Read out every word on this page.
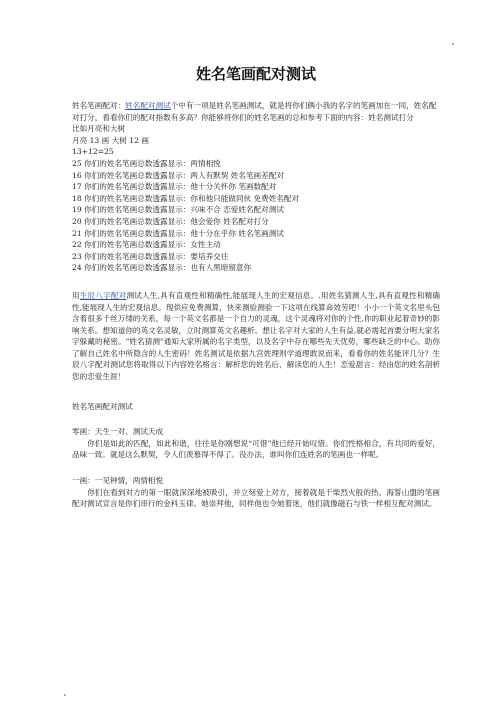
姓名笔画配对测试
姓名笔画配对：姓名配对测试个中有一项是姓名笔画测试，就是将你们俩小我的名字的笔画加在一同，姓名配对打分，看看你们的配对指数有多高？你能够将你们的姓名笔画的总和参考下面的内容：姓名测试打分
比如月亮和大树
月亮 13 画 大树 12 画
13+12=25
25 你们的姓名笔画总数透露显示：两情相悦
16 你们的姓名笔画总数透露显示：两人有默契 姓名笔画差配对
17 你们的姓名笔画总数透露显示：他十分关怀你 笔画数配对
18 你们的姓名笔画总数透露显示：你和他只能做同伙 免费姓名配对
19 你们的姓名笔画总数透露显示：兴味不合 恋爱姓名配对测试
20 你们的姓名笔画总数透露显示：他会爱你 姓名配对打分
21 你们的姓名笔画总数透露显示：他十分在乎你 姓名笔画测试
22 你们的姓名笔画总数透露显示：女性主动
23 你们的姓名笔画总数透露显示：要培养交往
24 你们的姓名笔画总数透露显示：也有人黑暗留意你
用生辰八字配对测试人生,具有直观性和精确性,能展现人生的宏观信息。.用姓名猜测人生,具有直观性和精确性,能展现人生的宏观信息。现供应免费测算，快来测验测验一下这项在线算命效劳吧！小小一个英文名里头包含着很多千丝万缕的关系，每一个英文名都是一个自力的灵魂，这个灵魂将对你的个性,你的职业起着奇妙的影响关系。想知道你的英文名灵敏，立时测算英文名趣析。想让名字对大家的人生有益,就必需起首要分明大家名字躲藏的秘密。"姓名猜测"通知大家所属的名字类型，以及名字中存在哪些先天优势，哪些缺乏的中心。助你了解自己姓名中所隐含的人生密码！姓名测试是依据九宫姓理则学道理敢说而来，看看你的姓名能评几分？生辰八字配对测试您将取得以下内容姓名格言：解析您的姓名后，解读您的人生！恋爱甜言：经由您的姓名剖析您的恋爱生涯！
姓名笔画配对测试
零画：天生一对、测试天成
你们是如此的匹配，如此和谐，往往是你刚想说“可惜”他已经开始叹惜。你们性格相合，有共同的爱好，品味一致。就是这么默契，令人们羡慕得不得了。没办法，谁叫你们连姓名的笔画也一样呢。
一画：一见钟情，两情相悦
你们在看到对方的第一眼就深深地被吸引，并立刻爱上对方，接着就是干柴烈火般的热。海誓山盟的笔画配对测试宣言是你们串行的金科玉律。她崇拜他，同样他也令她着迷，他们就像磁石与铁一样相互配对测试。
